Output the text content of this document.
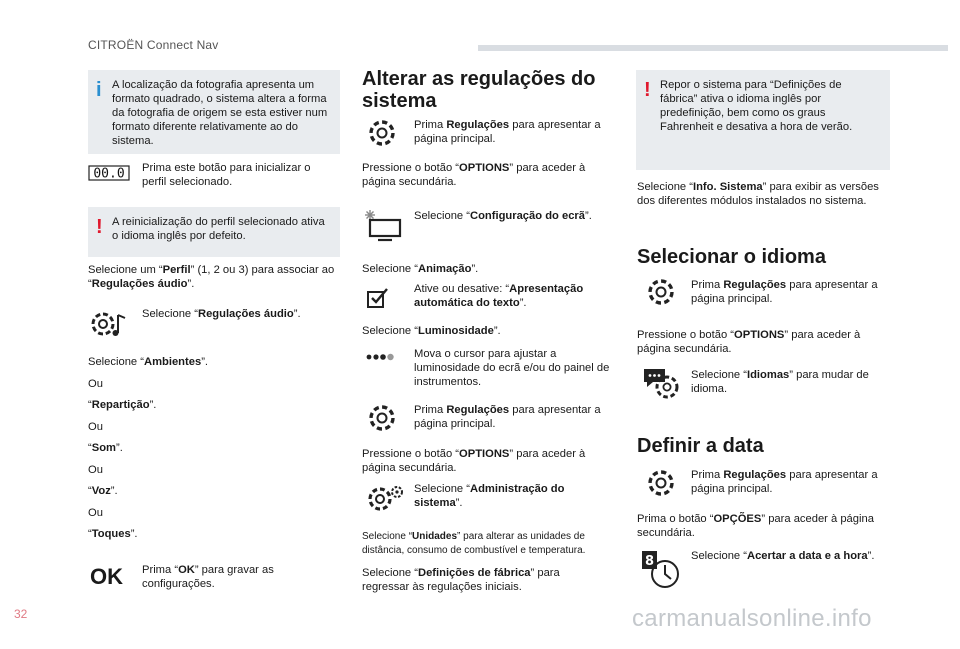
CITROËN Connect Nav
i A localização da fotografia apresenta um formato quadrado, o sistema altera a forma da fotografia de origem se esta estiver num formato diferente relativamente ao do sistema.

00.0 Prima este botão para inicializar o perfil selecionado.

! A reinicialização do perfil selecionado ativa o idioma inglês por defeito.

Selecione um “Perfil” (1, 2 ou 3) para associar ao “Regulações áudio”.

Selecione “Regulações áudio”.

Selecione “Ambientes”.

Ou

“Repartição”.

Ou

“Som”.

Ou

“Voz”.

Ou

“Toques”.

OK Prima “OK” para gravar as configurações.

Alterar as regulações do sistema

Prima Regulações para apresentar a página principal.

Pressione o botão “OPTIONS” para aceder à página secundária.

Selecione “Configuração do ecrã”.

Selecione “Animação”.

Ative ou desative: “Apresentação automática do texto”.

Selecione “Luminosidade”.

Mova o cursor para ajustar a luminosidade do ecrã e/ou do painel de instrumentos.

Prima Regulações para apresentar a página principal.

Pressione o botão “OPTIONS” para aceder à página secundária.

Selecione “Administração do sistema”.

Selecione “Unidades” para alterar as unidades de distância, consumo de combustível e temperatura.

Selecione “Definições de fábrica” para regressar às regulações iniciais.

! Repor o sistema para “Definições de fábrica” ativa o idioma inglês por predefinição, bem como os graus Fahrenheit e desativa a hora de verão.

Selecione “Info. Sistema” para exibir as versões dos diferentes módulos instalados no sistema.

Selecionar o idioma

Prima Regulações para apresentar a página principal.

Pressione o botão “OPTIONS” para aceder à página secundária.

Selecione “Idiomas” para mudar de idioma.

Definir a data

Prima Regulações para apresentar a página principal.

Prima o botão “OPÇÕES” para aceder à página secundária.

8	Selecione “Acertar a data e a hora”.

32	carmanualsonline.info
